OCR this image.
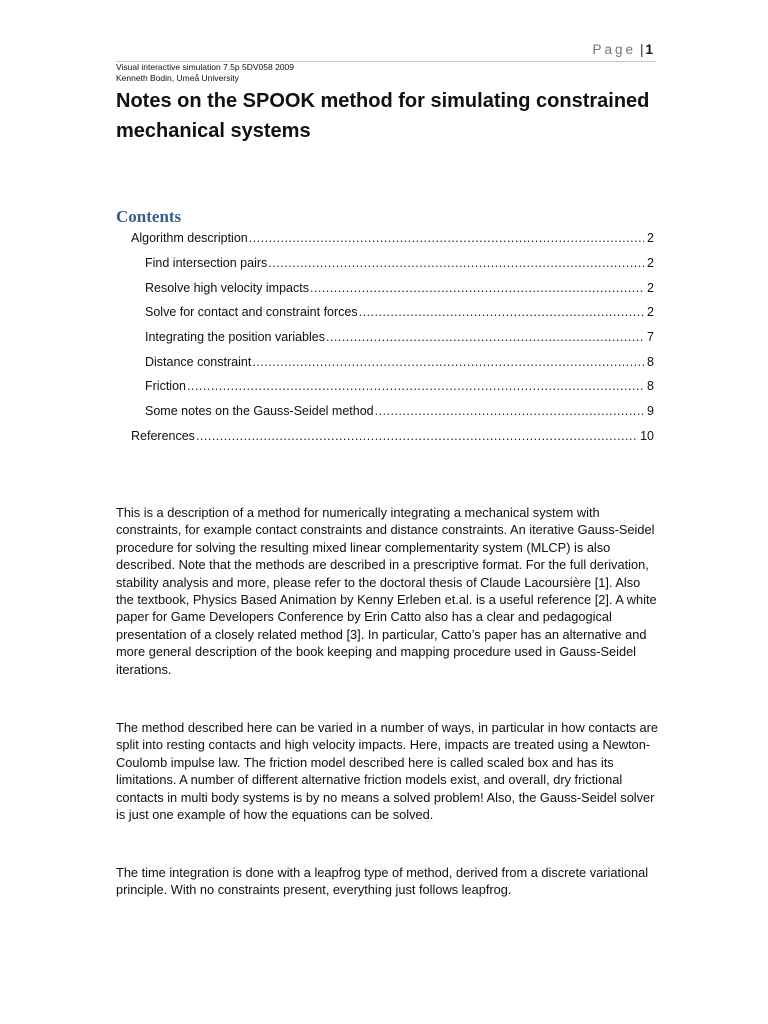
Page | 1
Visual interactive simulation 7.5p 5DV058 2009
Kenneth Bodin, Umeå University
Notes on the SPOOK method for simulating constrained mechanical systems
Contents
Algorithm description .....	2
Find intersection pairs .....	2
Resolve high velocity impacts .....	2
Solve for contact and constraint forces .....	2
Integrating the position variables .....	7
Distance constraint .....	8
Friction .....	8
Some notes on the Gauss-Seidel method .....	9
References .....	10

This is a description of a method for numerically integrating a mechanical system with constraints, for example contact constraints and distance constraints. An iterative Gauss-Seidel procedure for solving the resulting mixed linear complementarity system (MLCP) is also described. Note that the methods are described in a prescriptive format. For the full derivation, stability analysis and more, please refer to the doctoral thesis of Claude Lacoursière [1]. Also the textbook, Physics Based Animation by Kenny Erleben et.al. is a useful reference [2]. A white paper for Game Developers Conference by Erin Catto also has a clear and pedagogical presentation of a closely related method [3]. In particular, Catto’s paper has an alternative and more general description of the book keeping and mapping procedure used in Gauss-Seidel iterations.

The method described here can be varied in a number of ways, in particular in how contacts are split into resting contacts and high velocity impacts. Here, impacts are treated using a Newton-Coulomb impulse law. The friction model described here is called scaled box and has its limitations. A number of different alternative friction models exist, and overall, dry frictional contacts in multi body systems is by no means a solved problem! Also, the Gauss-Seidel solver is just one example of how the equations can be solved.

The time integration is done with a leapfrog type of method, derived from a discrete variational principle. With no constraints present, everything just follows leapfrog.
